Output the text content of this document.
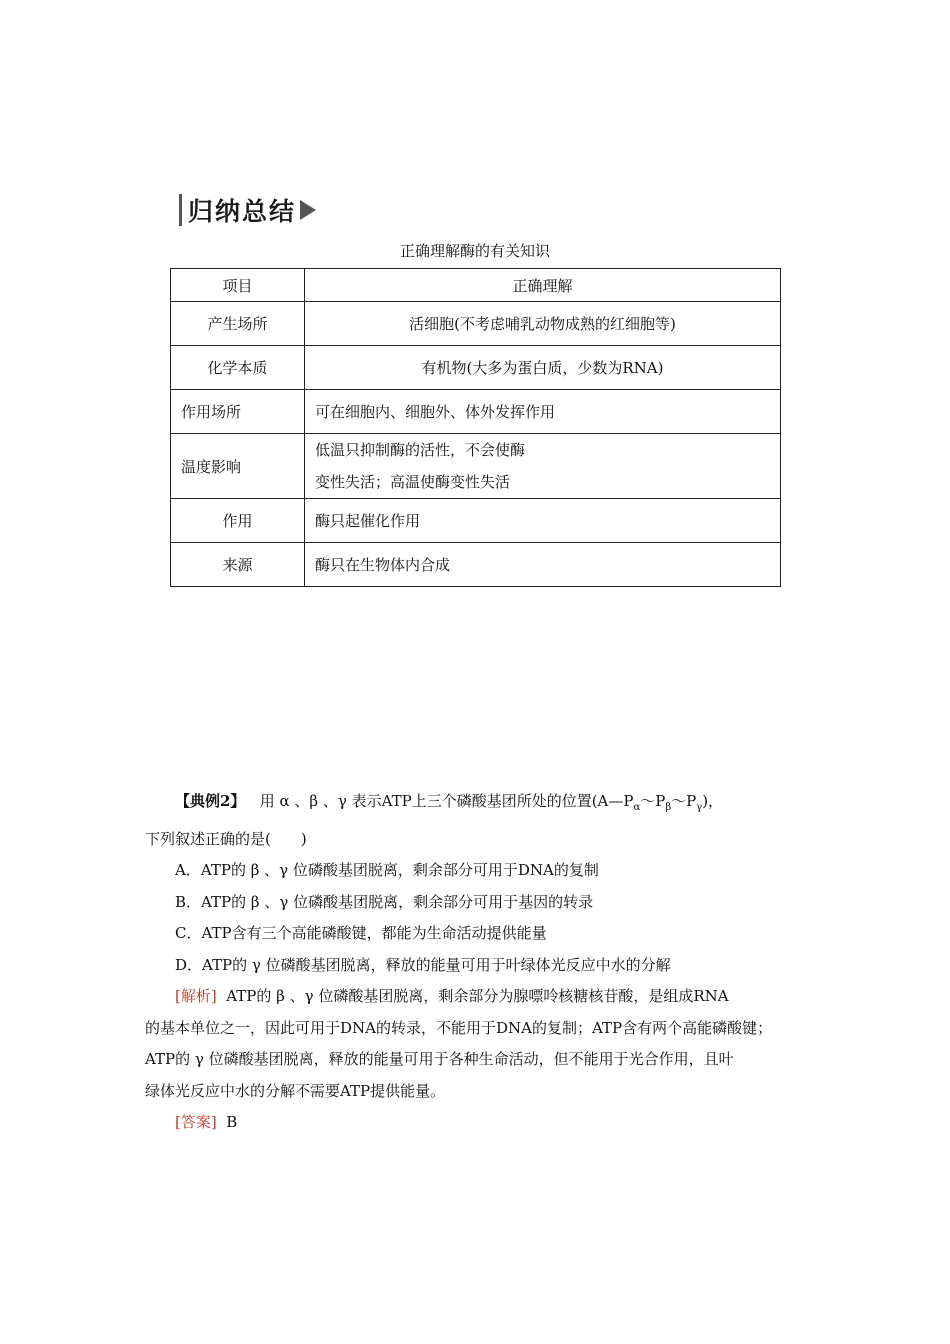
归纳总结
正确理解酶的有关知识
项目	正确理解
产生场所	活细胞(不考虑哺乳动物成熟的红细胞等)
化学本质	有机物(大多为蛋白质，少数为RNA)
作用场所	可在细胞内、细胞外、体外发挥作用
温度影响	低温只抑制酶的活性，不会使酶
变性失活；高温使酶变性失活

作用	酶只起催化作用
来源	酶只在生物体内合成

【典例2】 用 α 、β 、γ 表示ATP上三个磷酸基团所处的位置$(A—P_\alpha\sim P_\beta\sim P_\gamma)$，

下列叙述正确的是(　　)

A．ATP的 β 、γ 位磷酸基团脱离，剩余部分可用于DNA的复制

B．ATP的 β 、γ 位磷酸基团脱离，剩余部分可用于基因的转录

C．ATP含有三个高能磷酸键，都能为生命活动提供能量

D．ATP的 γ 位磷酸基团脱离，释放的能量可用于叶绿体光反应中水的分解

[解析] ATP的 β 、γ 位磷酸基团脱离，剩余部分为腺嘌呤核糖核苷酸，是组成RNA

的基本单位之一，因此可用于DNA的转录，不能用于DNA的复制；ATP含有两个高能磷酸键；

ATP的 γ 位磷酸基团脱离，释放的能量可用于各种生命活动，但不能用于光合作用，且叶

绿体光反应中水的分解不需要ATP提供能量。

[答案] B
